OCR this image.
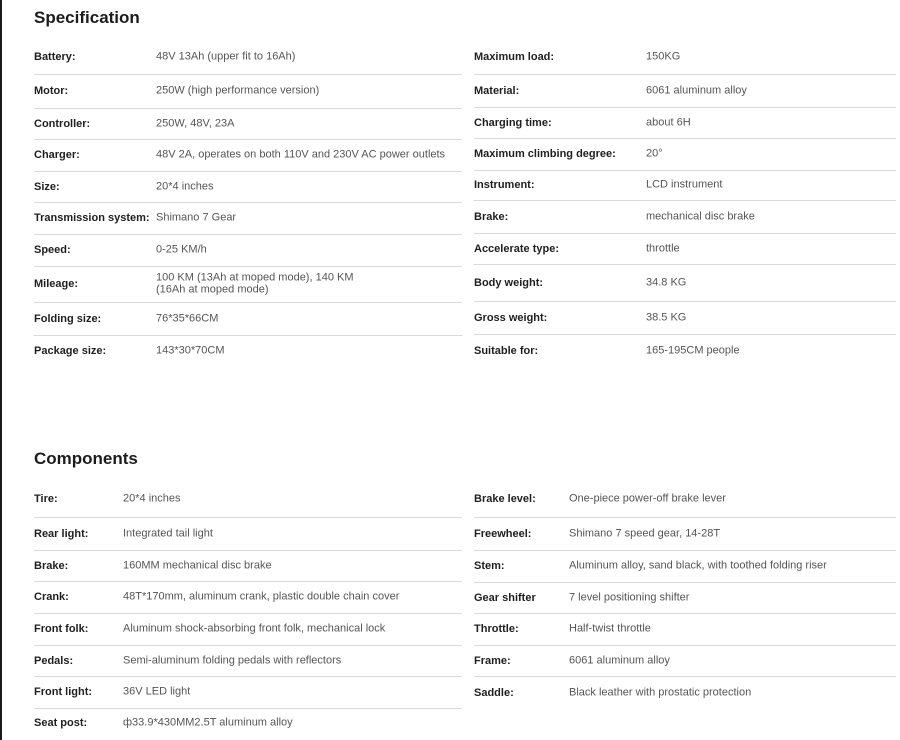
Specification
Battery:	48V 13Ah (upper fit to 16Ah)
Motor:	250W (high performance version)
Controller:	250W, 48V, 23A
Charger:	48V 2A, operates on both 110V and 230V AC power outlets
Size:	20*4 inches
Transmission system: Shimano 7 Gear
Speed:	0-25 KM/h
Mileage:
100 KM (13Ah at moped mode), 140 KM (16Ah at moped mode)
Folding size:	76*35*66CM
Package size:	143*30*70CM
Maximum load:	150KG
Material:	6061 aluminum alloy
Charging time:	about 6H
Maximum climbing degree:	20°
Instrument:	LCD instrument
Brake:	mechanical disc brake
Accelerate type:	throttle
Body weight:	34.8 KG
Gross weight:	38.5 KG
Suitable for:	165-195CM people
Components
Tire:	20*4 inches
Rear light:	Integrated tail light
Brake:	160MM mechanical disc brake
Crank:	48T*170mm, aluminum crank, plastic double chain cover
Front folk:	Aluminum shock-absorbing front folk, mechanical lock
Pedals:	Semi-aluminum folding pedals with reflectors
Front light:	36V LED light
Seat post:	ф33.9*430MM2.5T aluminum alloy
Brake level:	One-piece power-off brake lever
Freewheel:	Shimano 7 speed gear, 14-28T
Stem:	Aluminum alloy, sand black, with toothed folding riser
Gear shifter	7 level positioning shifter
Throttle:	Half-twist throttle
Frame:	6061 aluminum alloy
Saddle:	Black leather with prostatic protection
